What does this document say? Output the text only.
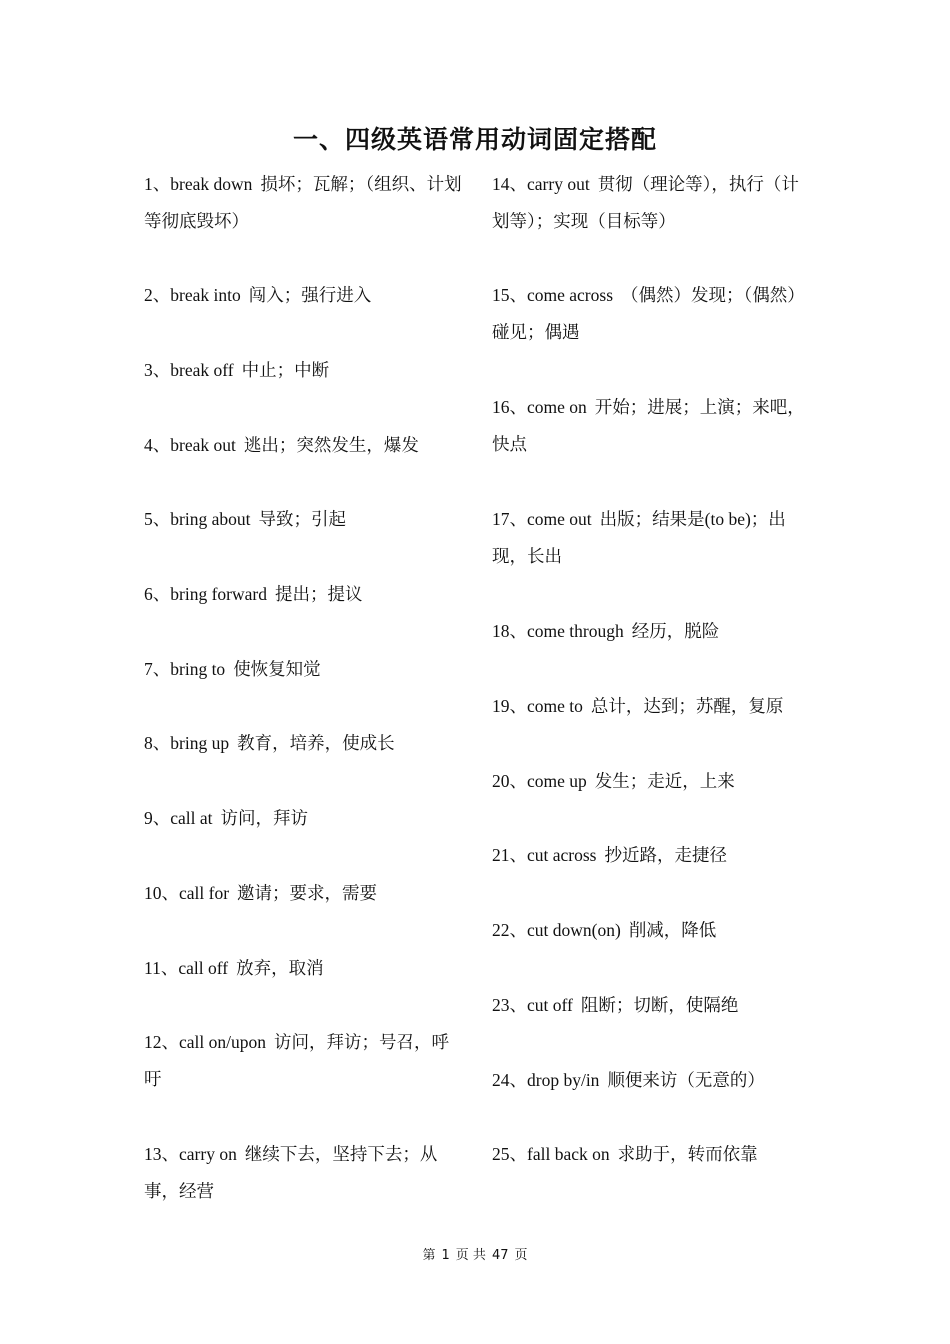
一、四级英语常用动词固定搭配
1、break down 损坏；瓦解；（组织、计划等彻底毁坏）
2、break into 闯入；强行进入
3、break off 中止；中断
4、break out 逃出；突然发生，爆发
5、bring about 导致；引起
6、bring forward 提出；提议
7、bring to 使恢复知觉
8、bring up 教育，培养，使成长
9、call at 访问，拜访
10、call for 邀请；要求，需要
11、call off 放弃，取消
12、call on/upon 访问，拜访；号召，呼吁
13、carry on 继续下去，坚持下去；从事，经营
14、carry out 贯彻（理论等），执行（计划等）；实现（目标等）
15、come across （偶然）发现；（偶然）碰见；偶遇
16、come on 开始；进展；上演；来吧，快点
17、come out 出版；结果是(to be)；出现，长出
18、come through 经历，脱险
19、come to 总计，达到；苏醒，复原
20、come up 发生；走近，上来
21、cut across 抄近路，走捷径
22、cut down(on) 削减，降低
23、cut off 阻断；切断，使隔绝
24、drop by/in 顺便来访（无意的）
25、fall back on 求助于，转而依靠
第 1 页 共 47 页
